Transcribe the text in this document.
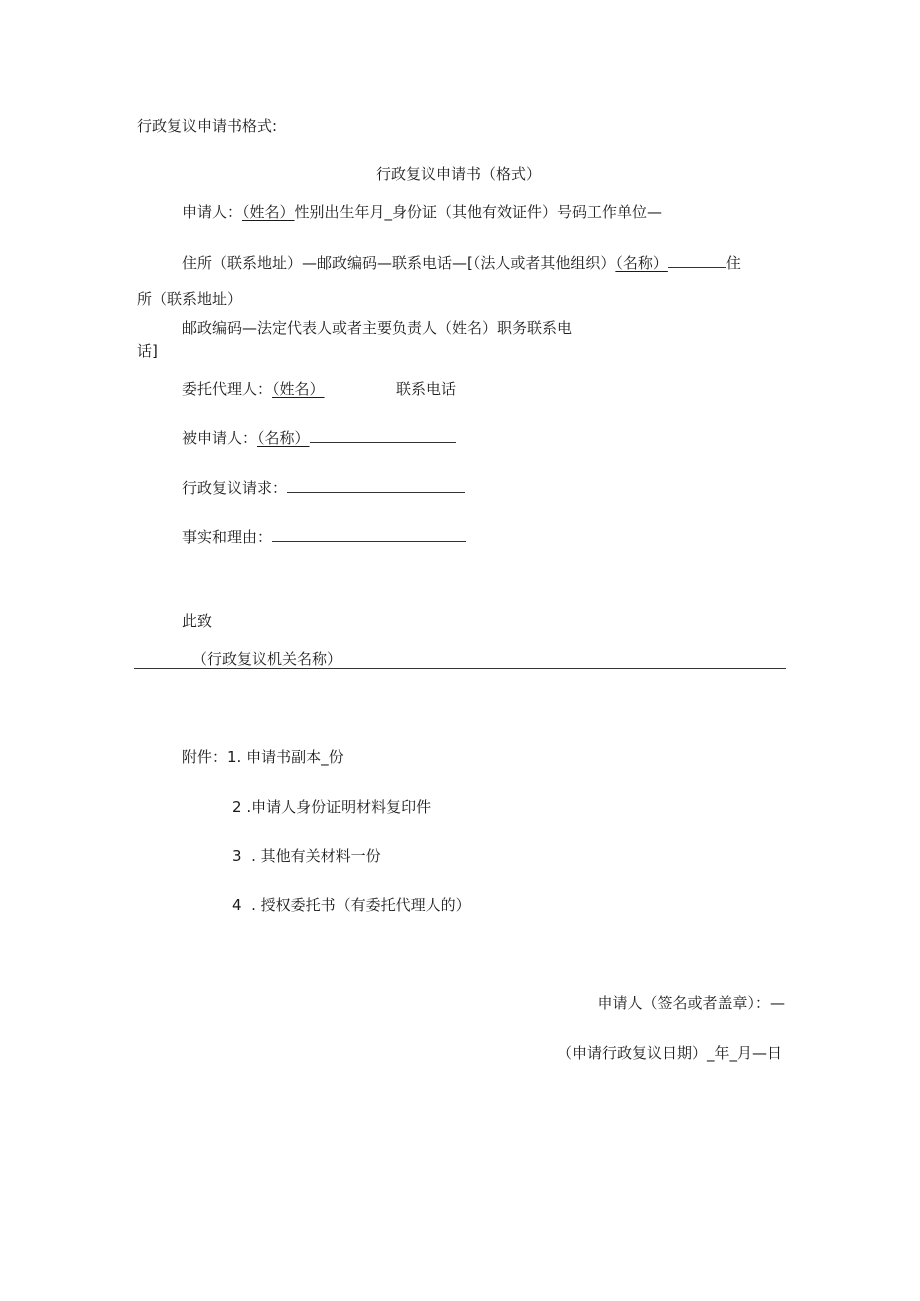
行政复议申请书格式:
行政复议申请书（格式）
申请人：（姓名）性别出生年月_身份证（其他有效证件）号码工作单位—
住所（联系地址）—邮政编码—联系电话—[（法人或者其他组织）（名称）	住
所（联系地址）
邮政编码—法定代表人或者主要负责人（姓名）职务联系电
话]
委托代理人：（姓名）	联系电话
被申请人：（名称）
行政复议请求：
事实和理由：
此致
（行政复议机关名称）
附件：1. 申请书副本_份
2 .申请人身份证明材料复印件
3 . 其他有关材料一份
4 . 授权委托书（有委托代理人的）
申请人（签名或者盖章）：—
（申请行政复议日期）_年_月—日
